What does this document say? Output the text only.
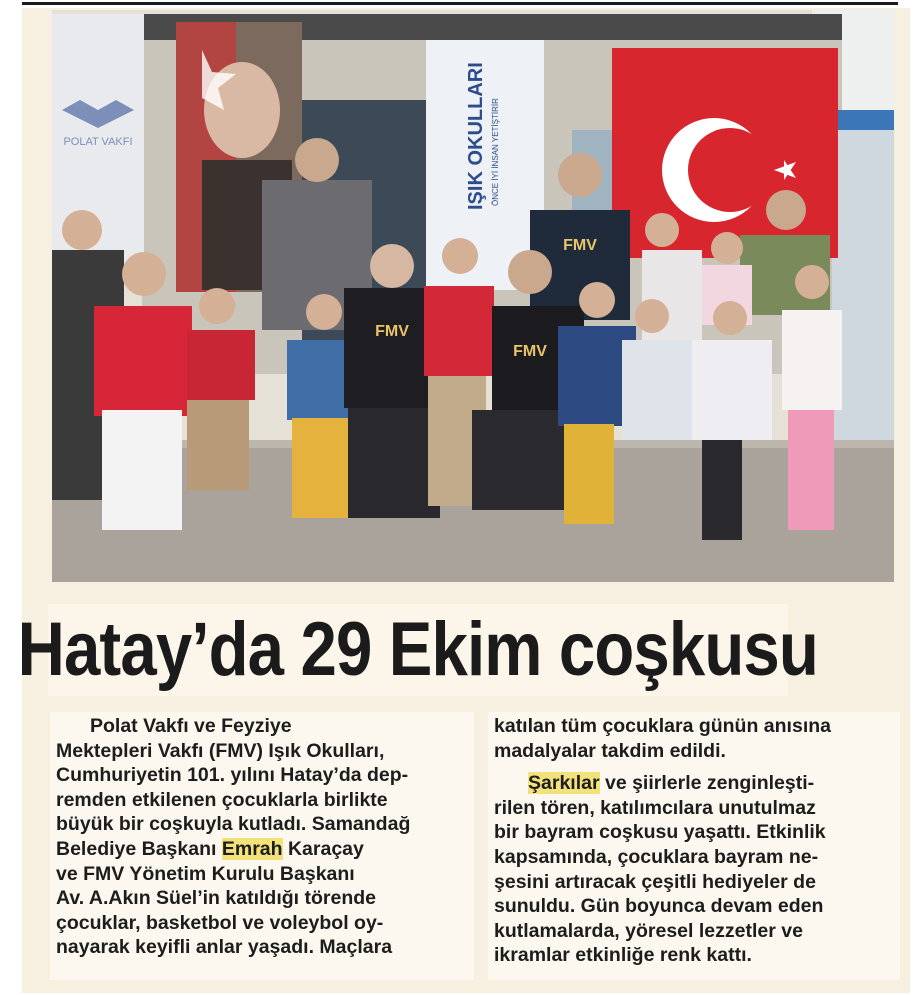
POLAT VAKFI	IŞIK OKULLARI ÖNCE İYİ İNSAN YETİŞTİRİR
FMV
FMV
FMV
Hatay’da 29 Ekim coşkusu

Polat Vakfı ve Feyziye
Mektepleri Vakfı (FMV) Işık Okulları,
Cumhuriyetin 101. yılını Hatay’da dep-
remden etkilenen çocuklarla birlikte
büyük bir coşkuyla kutladı. Samandağ
Belediye Başkanı Emrah Karaçay
ve FMV Yönetim Kurulu Başkanı
Av. A.Akın Süel’in katıldığı törende
çocuklar, basketbol ve voleybol oy-
nayarak keyifli anlar yaşadı. Maçlara

katılan tüm çocuklara günün anısına
madalyalar takdim edildi.

Şarkılar ve şiirlerle zenginleşti-
rilen tören, katılımcılara unutulmaz
bir bayram coşkusu yaşattı. Etkinlik
kapsamında, çocuklara bayram ne-
şesini artıracak çeşitli hediyeler de
sunuldu. Gün boyunca devam eden
kutlamalarda, yöresel lezzetler ve
ikramlar etkinliğe renk kattı.
